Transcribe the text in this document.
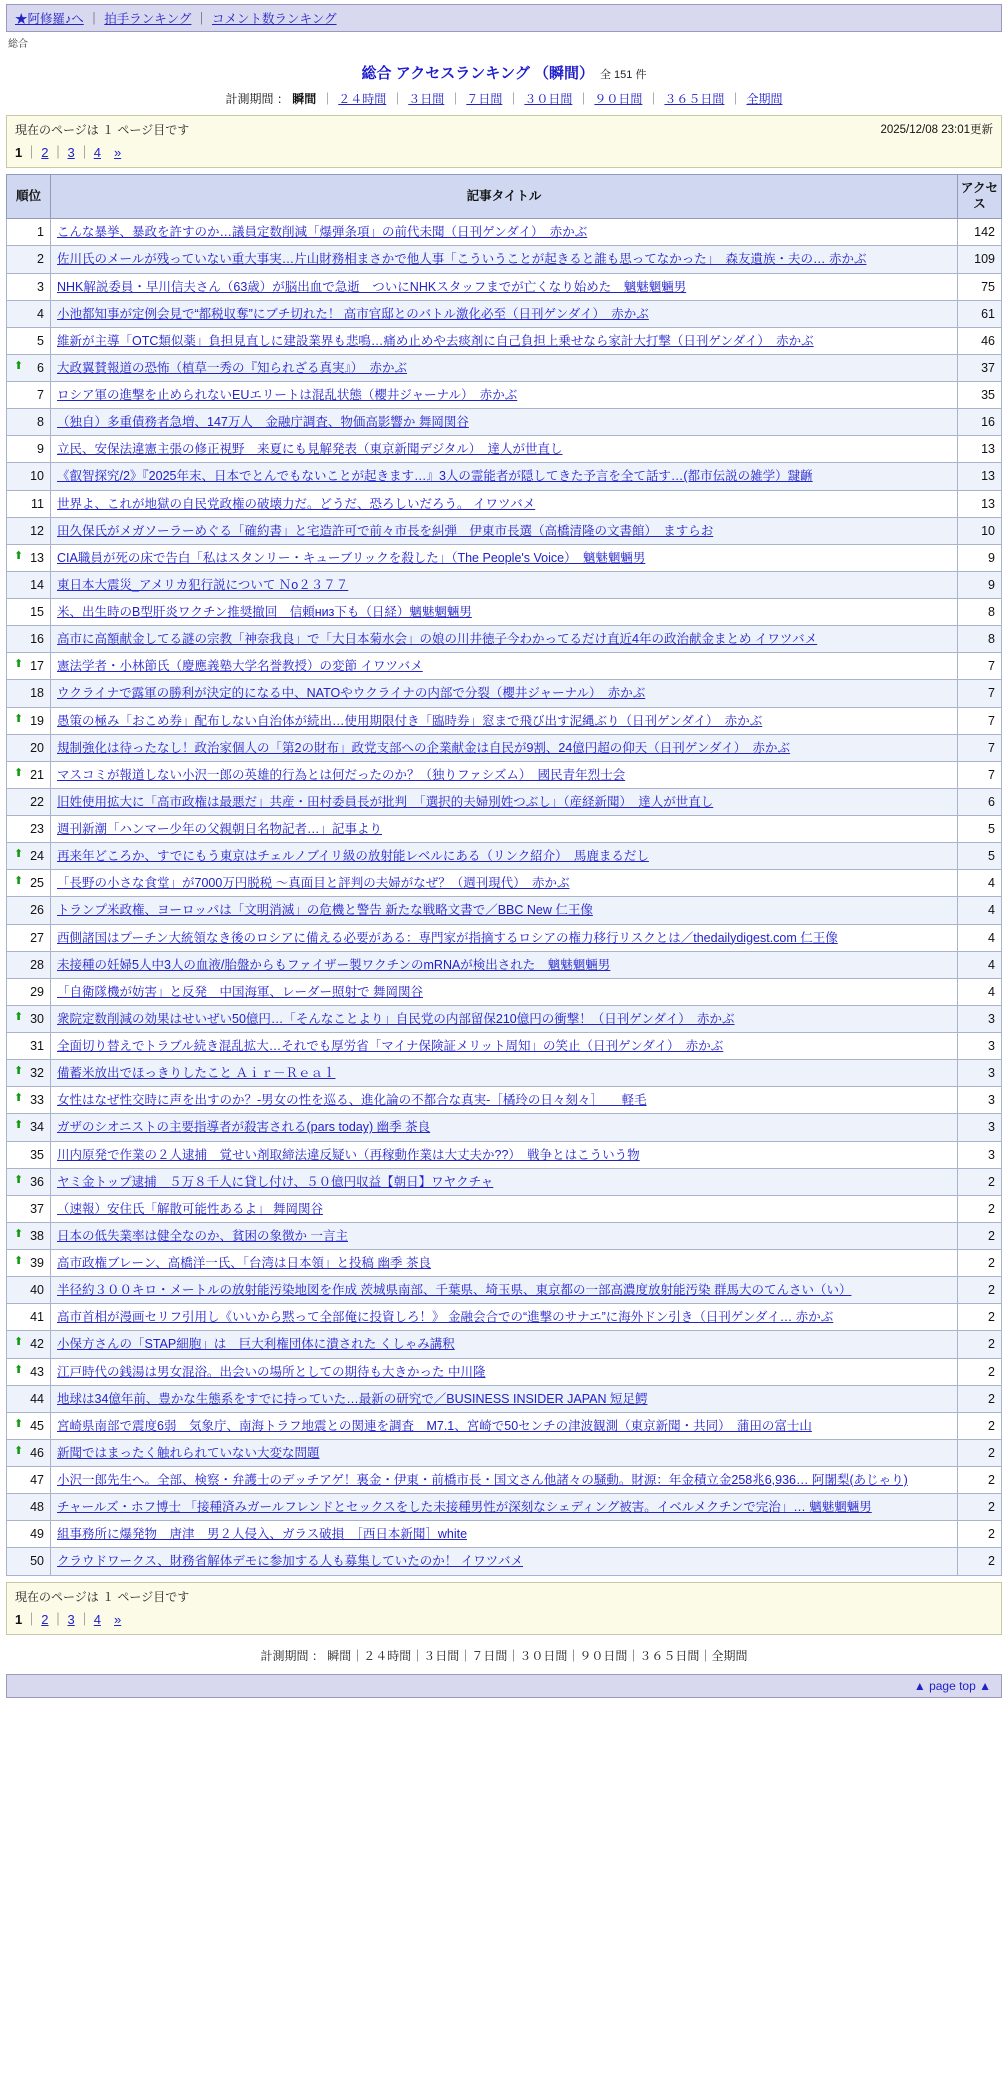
★阿修羅♪へ ｜ 拍手ランキング ｜ コメント数ランキング
総合
総合 アクセスランキング （瞬間） 全 151 件
計測期間 ： 瞬間 ｜ ２４時間 ｜ ３日間 ｜ ７日間 ｜ ３０日間 ｜ ９０日間 ｜ ３６５日間 ｜ 全期間
現在のページは １ ページ目です	2025/12/08 23:01更新
1 ｜ 2 ｜ 3 ｜ 4　 »
順位	記事タイトル	アクセス
1	こんな暴挙、暴政を許すのか…議員定数削減「爆弾条項」の前代未聞（日刊ゲンダイ）　赤かぶ	142
2	佐川氏のメールが残っていない重大事実…片山財務相まさかで他人事「こういうことが起きると誰も思ってなかった」　森友遺族・夫の… 赤かぶ	109
3	NHK解説委員・早川信夫さん（63歳）が脳出血で急逝　ついにNHKスタッフまでが亡くなり始めた　魑魅魍魎男	75
4	小池都知事が定例会見で“都税収奪”にブチ切れた！ 高市官邸とのバトル激化必至（日刊ゲンダイ）　赤かぶ	61
5	維新が主導「OTC類似薬」負担見直しに建設業界も悲鳴…痛め止めや去痰剤に自己負担上乗せなら家計大打撃（日刊ゲンダイ）　赤かぶ	46

⬆ 6	大政翼賛報道の恐怖（植草一秀の『知られざる真実』）　赤かぶ	37
7	ロシア軍の進撃を止められないEUエリートは混乱状態（櫻井ジャーナル）　赤かぶ	35
8	（独自）多重債務者急増、147万人　金融庁調査、物価高影響か 舞岡関谷	16
9	立民、安保法違憲主張の修正視野　来夏にも見解発表（東京新聞デジタル）　達人が世直し	13
10	《叡智探究/2》『2025年末、日本でとんでもないことが起きます…』3人の霊能者が隠してきた予言を全て話す…(都市伝説の雑学）靆齭	13
11	世界よ、これが地獄の自民党政権の破壊力だ。どうだ、恐ろしいだろう。 イワツバメ	13
12	田久保氏がメガソーラーめぐる「確約書」と宅造許可で前々市長を糾弾　伊東市長選（高橋清隆の文書館）　ますらお	10

⬆ 13	CIA職員が死の床で告白「私はスタンリー・キューブリックを殺した」（The People's Voice）　魑魅魍魎男	9
14	東日本大震災_アメリカ犯行説について Ｎo２３７７	9
15	米、出生時のB型肝炎ワクチン推奨撤回　信頼низ下も（日経）魑魅魍魎男	8
16	高市に高額献金してる謎の宗教「神奈我良」で「大日本菊水会」の娘の川井徳子今わかってるだけ直近4年の政治献金まとめ イワツバメ	8

⬆ 17	憲法学者・小林節氏（慶應義塾大学名誉教授）の変節 イワツバメ	7
18	ウクライナで露軍の勝利が決定的になる中、NATOやウクライナの内部で分裂（櫻井ジャーナル）　赤かぶ	7

⬆ 19	愚策の極み「おこめ券」配布しない自治体が続出…使用期限付き「臨時券」窓まで飛び出す泥縄ぶり（日刊ゲンダイ）　赤かぶ	7
20	規制強化は待ったなし！政治家個人の「第2の財布」政党支部への企業献金は自民が9割、24億円超の仰天（日刊ゲンダイ）　赤かぶ	7

⬆ 21	マスコミが報道しない小沢一郎の英雄的行為とは何だったのか？（独りファシズム）　國民青年烈士会	7
22	旧姓使用拡大に「高市政権は最悪だ」共産・田村委員長が批判　「選択的夫婦別姓つぶし」（産経新聞）　達人が世直し	6
23	週刊新潮「ハンマー少年の父親朝日名物記者…」記事より	5

⬆ 24	再来年どころか、すでにもう東京はチェルノブイリ級の放射能レベルにある（リンク紹介）　馬鹿まるだし	5

⬆ 25	「長野の小さな食堂」が7000万円脱税 ～真面目と評判の夫婦がなぜ？（週刊現代）　赤かぶ	4
26	トランプ米政権、ヨーロッパは「文明消滅」の危機と警告 新たな戦略文書で／BBC New 仁王像	4
27	西側諸国はプーチン大統領なき後のロシアに備える必要がある：専門家が指摘するロシアの権力移行リスクとは／thedailydigest.com 仁王像	4
28	未接種の妊婦5人中3人の血液/胎盤からもファイザー製ワクチンのmRNAが検出された　魑魅魍魎男	4
29	「自衛隊機が妨害」と反発　中国海軍、レーダー照射で 舞岡関谷	4

⬆ 30	衆院定数削減の効果はせいぜい50億円…「そんなことより」自民党の内部留保210億円の衝撃！（日刊ゲンダイ）　赤かぶ	3
31	全面切り替えでトラブル続き混乱拡大…それでも厚労省「マイナ保険証メリット周知」の笑止（日刊ゲンダイ）　赤かぶ	3

⬆ 32	備蓄米放出でほっきりしたこと Ａｉｒ－Ｒｅａｌ	3

⬆ 33	女性はなぜ性交時に声を出すのか？-男女の性を巡る、進化論の不都合な真実-［橘玲の日々刻々］　　軽毛	3

⬆ 34	ガザのシオニストの主要指導者が殺害される(pars today) 幽季 茶良	3
35	川内原発で作業の２人逮捕　覚せい剤取締法違反疑い（再稼動作業は大丈夫か??）　戦争とはこういう物	3

⬆ 36	ヤミ金トップ逮捕　５万８千人に貸し付け、５０億円収益【朝日】ワヤクチャ	2
37	（速報）安住氏「解散可能性あるよ」 舞岡関谷	2

⬆ 38	日本の低失業率は健全なのか、貧困の象徴か 一言主	2

⬆ 39	高市政権ブレーン、高橋洋一氏、「台湾は日本領」と投稿 幽季 茶良	2
40	半径約３００キロ・メートルの放射能汚染地図を作成 茨城県南部、千葉県、埼玉県、東京都の一部高濃度放射能汚染 群馬大のてんさい（い）	2
41	高市首相が漫画セリフ引用し《いいから黙って全部俺に投資しろ！》 金融会合での“進撃のサナエ”に海外ドン引き（日刊ゲンダイ… 赤かぶ	2

⬆ 42	小保方さんの「STAP細胞」は　巨大利権団体に潰された くしゃみ講釈	2

⬆ 43	江戸時代の銭湯は男女混浴。出会いの場所としての期待も大きかった 中川隆	2
44	地球は34億年前、豊かな生態系をすでに持っていた…最新の研究で／BUSINESS INSIDER JAPAN 短足鰐	2

⬆ 45	宮崎県南部で震度6弱　気象庁、南海トラフ地震との関連を調査　M7.1、宮崎で50センチの津波観測（東京新聞・共同）　蒲田の富士山	2

⬆ 46	新聞ではまったく触れられていない大変な問題	2
47	小沢一郎先生へ。全部、検察・弁護士のデッチアゲ！裏金・伊東・前橋市長・国文さん他諸々の騒動。財源：年金積立金258兆6,936… 阿闍梨(あじゃり)	2
48	チャールズ・ホフ博士 「接種済みガールフレンドとセックスをした未接種男性が深刻なシェディング被害。イベルメクチンで完治」… 魑魅魍魎男	2
49	組事務所に爆発物　唐津　男２人侵入、ガラス破損　［西日本新聞］white	2
50	クラウドワークス、財務省解体デモに参加する人も募集していたのか！ イワツバメ	2
現在のページは １ ページ目です
1 ｜ 2 ｜ 3 ｜ 4　 »
計測期間 ： 瞬間｜２４時間｜３日間｜７日間｜３０日間｜９０日間｜３６５日間｜全期間
▲ page top ▲
